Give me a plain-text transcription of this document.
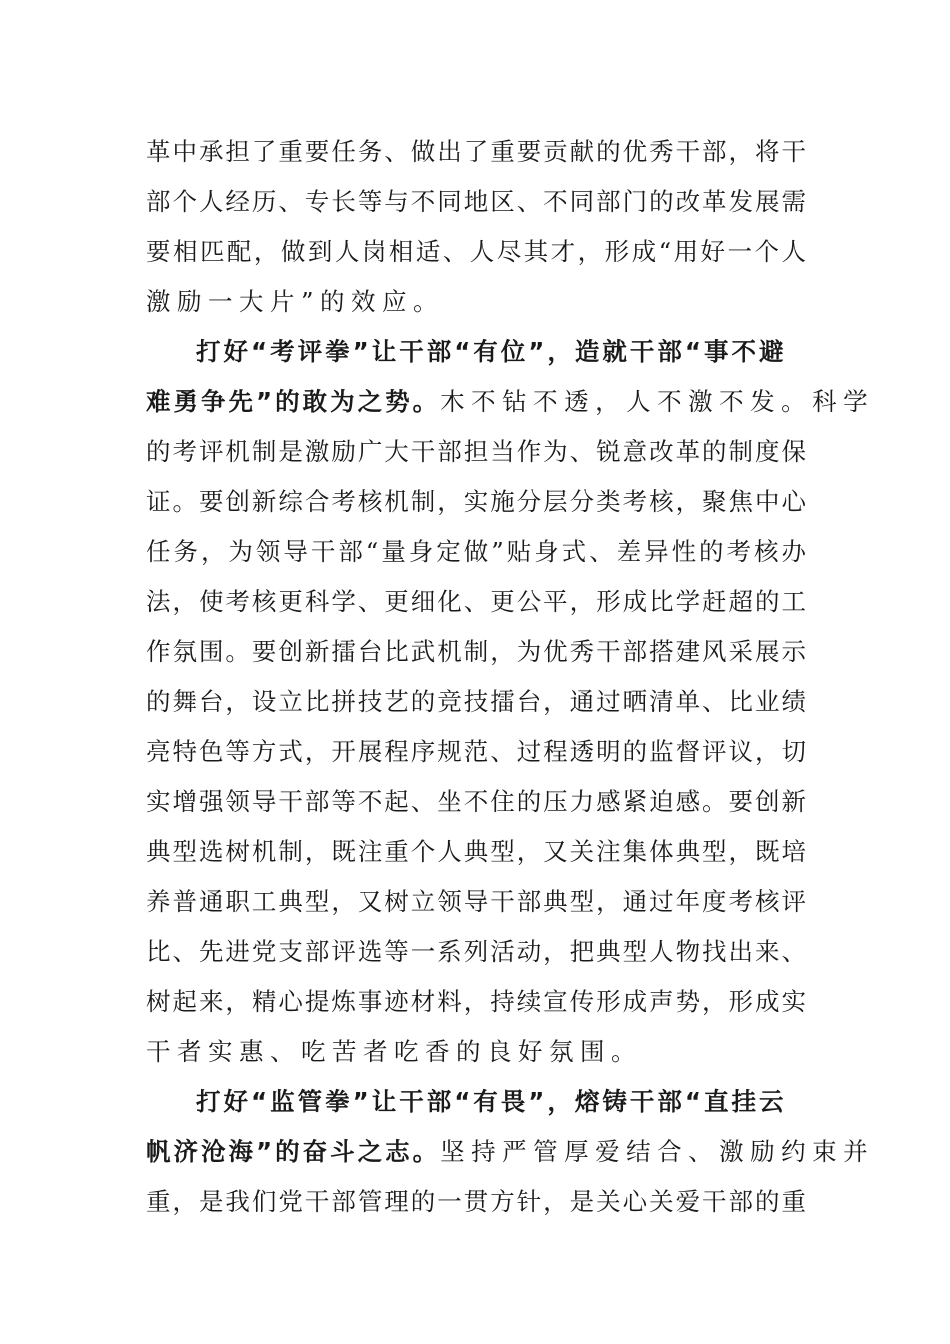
革中承担了重要任务、做出了重要贡献的优秀干部，将干
部个人经历、专长等与不同地区、不同部门的改革发展需
要相匹配，做到人岗相适、人尽其才，形成“用好一个人
激励一大片”的效应。
打好“考评拳”让干部“有位”，造就干部“事不避
难勇争先”的敢为之势。木不钻不透，人不激不发。科学
的考评机制是激励广大干部担当作为、锐意改革的制度保
证。要创新综合考核机制，实施分层分类考核，聚焦中心
任务，为领导干部“量身定做”贴身式、差异性的考核办
法，使考核更科学、更细化、更公平，形成比学赶超的工
作氛围。要创新擂台比武机制，为优秀干部搭建风采展示
的舞台，设立比拼技艺的竞技擂台，通过晒清单、比业绩
亮特色等方式，开展程序规范、过程透明的监督评议，切
实增强领导干部等不起、坐不住的压力感紧迫感。要创新
典型选树机制，既注重个人典型，又关注集体典型，既培
养普通职工典型，又树立领导干部典型，通过年度考核评
比、先进党支部评选等一系列活动，把典型人物找出来、
树起来，精心提炼事迹材料，持续宣传形成声势，形成实
干者实惠、吃苦者吃香的良好氛围。
打好“监管拳”让干部“有畏”，熔铸干部“直挂云
帆济沧海”的奋斗之志。坚持严管厚爱结合、激励约束并
重，是我们党干部管理的一贯方针，是关心关爱干部的重
